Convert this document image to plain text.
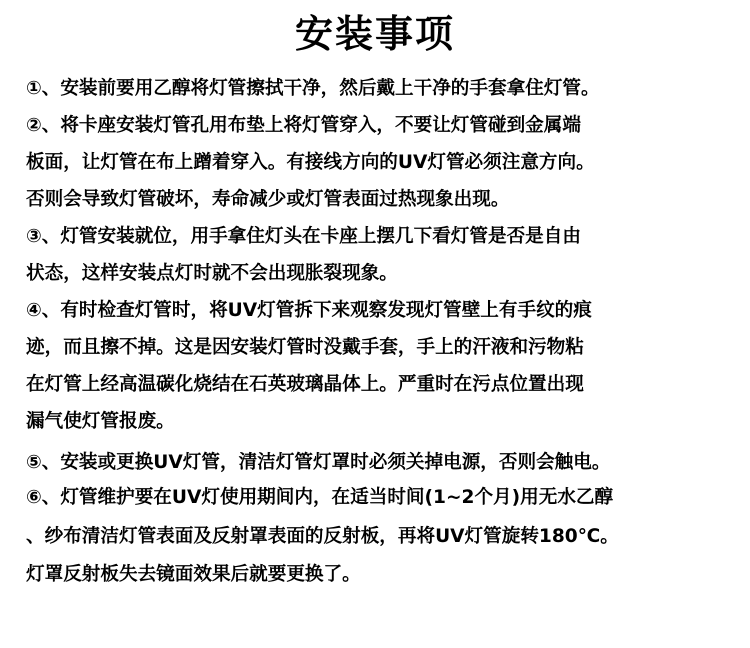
安装事项
①、安装前要用乙醇将灯管擦拭干净，然后戴上干净的手套拿住灯管。
②、将卡座安装灯管孔用布垫上将灯管穿入，不要让灯管碰到金属端
板面，让灯管在布上蹭着穿入。有接线方向的UV灯管必须注意方向。
否则会导致灯管破坏，寿命减少或灯管表面过热现象出现。
③、灯管安装就位，用手拿住灯头在卡座上摆几下看灯管是否是自由
状态，这样安装点灯时就不会出现胀裂现象。
④、有时检查灯管时，将UV灯管拆下来观察发现灯管壁上有手纹的痕
迹，而且擦不掉。这是因安装灯管时没戴手套，手上的汗液和污物粘
在灯管上经高温碳化烧结在石英玻璃晶体上。严重时在污点位置出现
漏气使灯管报废。
⑤、安装或更换UV灯管，清洁灯管灯罩时必须关掉电源，否则会触电。
⑥、灯管维护要在UV灯使用期间内，在适当时间(1~2个月)用无水乙醇
、纱布清洁灯管表面及反射罩表面的反射板，再将UV灯管旋转180℃。
灯罩反射板失去镜面效果后就要更换了。
